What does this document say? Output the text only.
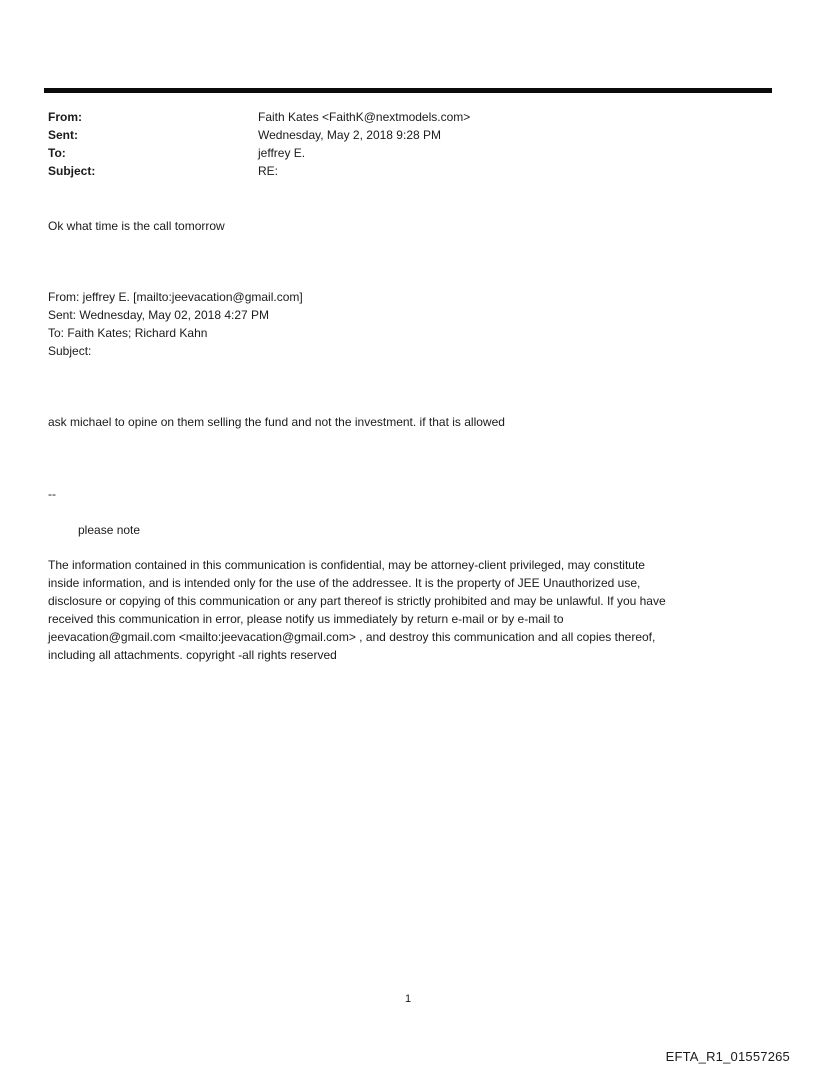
From:	Faith Kates <FaithK@nextmodels.com>
Sent:	Wednesday, May 2, 2018 9:28 PM
To:	jeffrey E.
Subject:	RE:
Ok what time is the call tomorrow
From: jeffrey E. [mailto:jeevacation@gmail.com]
Sent: Wednesday, May 02, 2018 4:27 PM
To: Faith Kates; Richard Kahn
Subject:
ask michael to opine on them selling the fund and not the investment. if that is allowed
--
please note
The information contained in this communication is confidential, may be attorney-client privileged, may constitute
inside information, and is intended only for the use of the addressee. It is the property of JEE Unauthorized use,
disclosure or copying of this communication or any part thereof is strictly prohibited and may be unlawful. If you have
received this communication in error, please notify us immediately by return e-mail or by e-mail to
jeevacation@gmail.com <mailto:jeevacation@gmail.com> , and destroy this communication and all copies thereof,
including all attachments. copyright -all rights reserved
1
EFTA_R1_01557265
